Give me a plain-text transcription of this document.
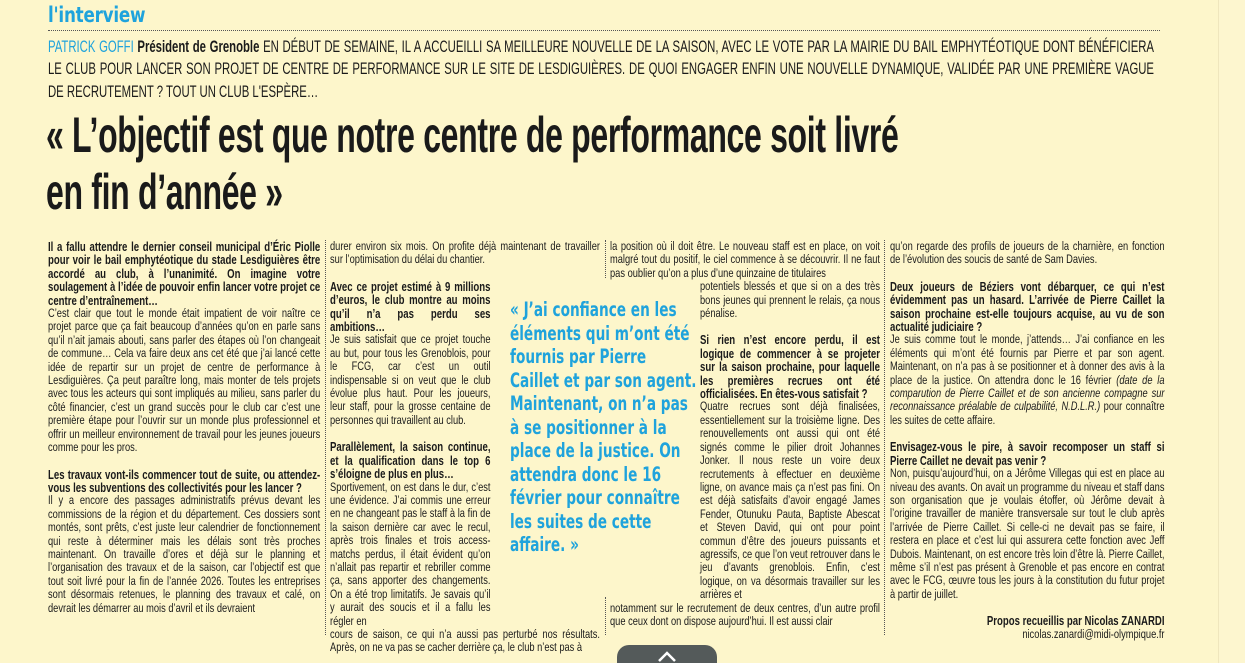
l'interview
PATRICK GOFFI Président de Grenoble EN DÉBUT DE SEMAINE, IL A ACCUEILLI SA MEILLEURE NOUVELLE DE LA SAISON, AVEC LE VOTE PAR LA MAIRIE DU BAIL EMPHYTÉOTIQUE DONT BÉNÉFICIERA LE CLUB POUR LANCER SON PROJET DE CENTRE DE PERFORMANCE SUR LE SITE DE LESDIGUIÈRES. DE QUOI ENGAGER ENFIN UNE NOUVELLE DYNAMIQUE, VALIDÉE PAR UNE PREMIÈRE VAGUE DE RECRUTEMENT ? TOUT UN CLUB L'ESPÈRE…
« L’objectif est que notre centre de performance soit livré
en fin d’année »

Il a fallu attendre le dernier conseil municipal d’Éric Piolle pour voir le bail emphytéotique du stade Lesdiguières être accordé au club, à l’unanimité. On imagine votre soulagement à l’idée de pouvoir enfin lancer votre projet ce centre d’entraînement…

C’est clair que tout le monde était impatient de voir naître ce projet parce que ça fait beaucoup d’années qu’on en parle sans qu’il n’ait jamais abouti, sans parler des étapes où l’on changeait de commune… Cela va faire deux ans cet été que j’ai lancé cette idée de repartir sur un projet de centre de performance à Lesdiguières. Ça peut paraître long, mais monter de tels projets avec tous les acteurs qui sont impliqués au milieu, sans parler du côté financier, c’est un grand succès pour le club car c’est une première étape pour l’ouvrir sur un monde plus professionnel et offrir un meilleur environnement de travail pour les jeunes joueurs comme pour les pros.

Les travaux vont-ils commencer tout de suite, ou attendez-vous les subventions des collectivités pour les lancer ?

Il y a encore des passages administratifs prévus devant les commissions de la région et du département. Ces dossiers sont montés, sont prêts, c’est juste leur calendrier de fonctionnement qui reste à déterminer mais les délais sont très proches maintenant. On travaille d’ores et déjà sur le planning et l’organisation des travaux et de la saison, car l’objectif est que tout soit livré pour la fin de l’année 2026. Toutes les entreprises sont désormais retenues, le planning des travaux et calé, on devrait les démarrer au mois d’avril et ils devraient

durer environ six mois. On profite déjà maintenant de travailler sur l’optimisation du délai du chantier.

Avec ce projet estimé à 9 millions d’euros, le club montre au moins qu’il n’a pas perdu ses ambitions…

Je suis satisfait que ce projet touche au but, pour tous les Grenoblois, pour le FCG, car c’est un outil indispensable si on veut que le club évolue plus haut. Pour les joueurs, leur staff, pour la grosse centaine de personnes qui travaillent au club.

Parallèlement, la saison continue, et la qualification dans le top 6 s’éloigne de plus en plus…

Sportivement, on est dans le dur, c’est une évidence. J’ai commis une erreur en ne changeant pas le staff à la fin de la saison dernière car avec le recul, après trois finales et trois access-matchs perdus, il était évident qu’on n’allait pas repartir et rebriller comme ça, sans apporter des changements. On a été trop limitatifs. Je savais qu’il y aurait des soucis et il a fallu les régler en

cours de saison, ce qui n’a aussi pas perturbé nos résultats. Après, on ne va pas se cacher derrière ça, le club n’est pas à

« J’ai confiance en les éléments qui m’ont été fournis par Pierre Caillet et par son agent. Maintenant, on n’a pas à se positionner à la place de la justice. On attendra donc le 16 février pour connaître les suites de cette affaire. »

la position où il doit être. Le nouveau staff est en place, on voit malgré tout du positif, le ciel commence à se découvrir. Il ne faut pas oublier qu’on a plus d’une quinzaine de titulaires

potentiels blessés et que si on a des très bons jeunes qui prennent le relais, ça nous pénalise.

Si rien n’est encore perdu, il est logique de commencer à se projeter sur la saison prochaine, pour laquelle les premières recrues ont été officialisées. En êtes-vous satisfait ?

Quatre recrues sont déjà finalisées, essentiellement sur la troisième ligne. Des renouvellements ont aussi qui ont été signés comme le pilier droit Johannes Jonker. Il nous reste un voire deux recrutements à effectuer en deuxième ligne, on avance mais ça n’est pas fini. On est déjà satisfaits d’avoir engagé James Fender, Otunuku Pauta, Baptiste Abescat et Steven David, qui ont pour point commun d’être des joueurs puissants et agressifs, ce que l’on veut retrouver dans le jeu d’avants grenoblois. Enfin, c’est logique, on va désormais travailler sur les arrières et

notamment sur le recrutement de deux centres, d’un autre profil que ceux dont on dispose aujourd’hui. Il est aussi clair

qu’on regarde des profils de joueurs de la charnière, en fonction de l’évolution des soucis de santé de Sam Davies.

Deux joueurs de Béziers vont débarquer, ce qui n’est évidemment pas un hasard. L’arrivée de Pierre Caillet la saison prochaine est-elle toujours acquise, au vu de son actualité judiciaire ?

Je suis comme tout le monde, j’attends… J’ai confiance en les éléments qui m’ont été fournis par Pierre et par son agent. Maintenant, on n’a pas à se positionner et à donner des avis à la place de la justice. On attendra donc le 16 février (date de la comparution de Pierre Caillet et de son ancienne compagne sur reconnaissance préalable de culpabilité, N.D.L.R.) pour connaître les suites de cette affaire.

Envisagez-vous le pire, à savoir recomposer un staff si Pierre Caillet ne devait pas venir ?

Non, puisqu’aujourd’hui, on a Jérôme Villegas qui est en place au niveau des avants. On avait un programme du niveau et staff dans son organisation que je voulais étoffer, où Jérôme devait à l’origine travailler de manière transversale sur tout le club après l’arrivée de Pierre Caillet. Si celle-ci ne devait pas se faire, il restera en place et c’est lui qui assurera cette fonction avec Jeff Dubois. Maintenant, on est encore très loin d’être là. Pierre Caillet, même s’il n’est pas présent à Grenoble et pas encore en contrat avec le FCG, œuvre tous les jours à la constitution du futur projet à partir de juillet.

Propos recueillis par Nicolas ZANARDI

nicolas.zanardi@midi-olympique.fr
